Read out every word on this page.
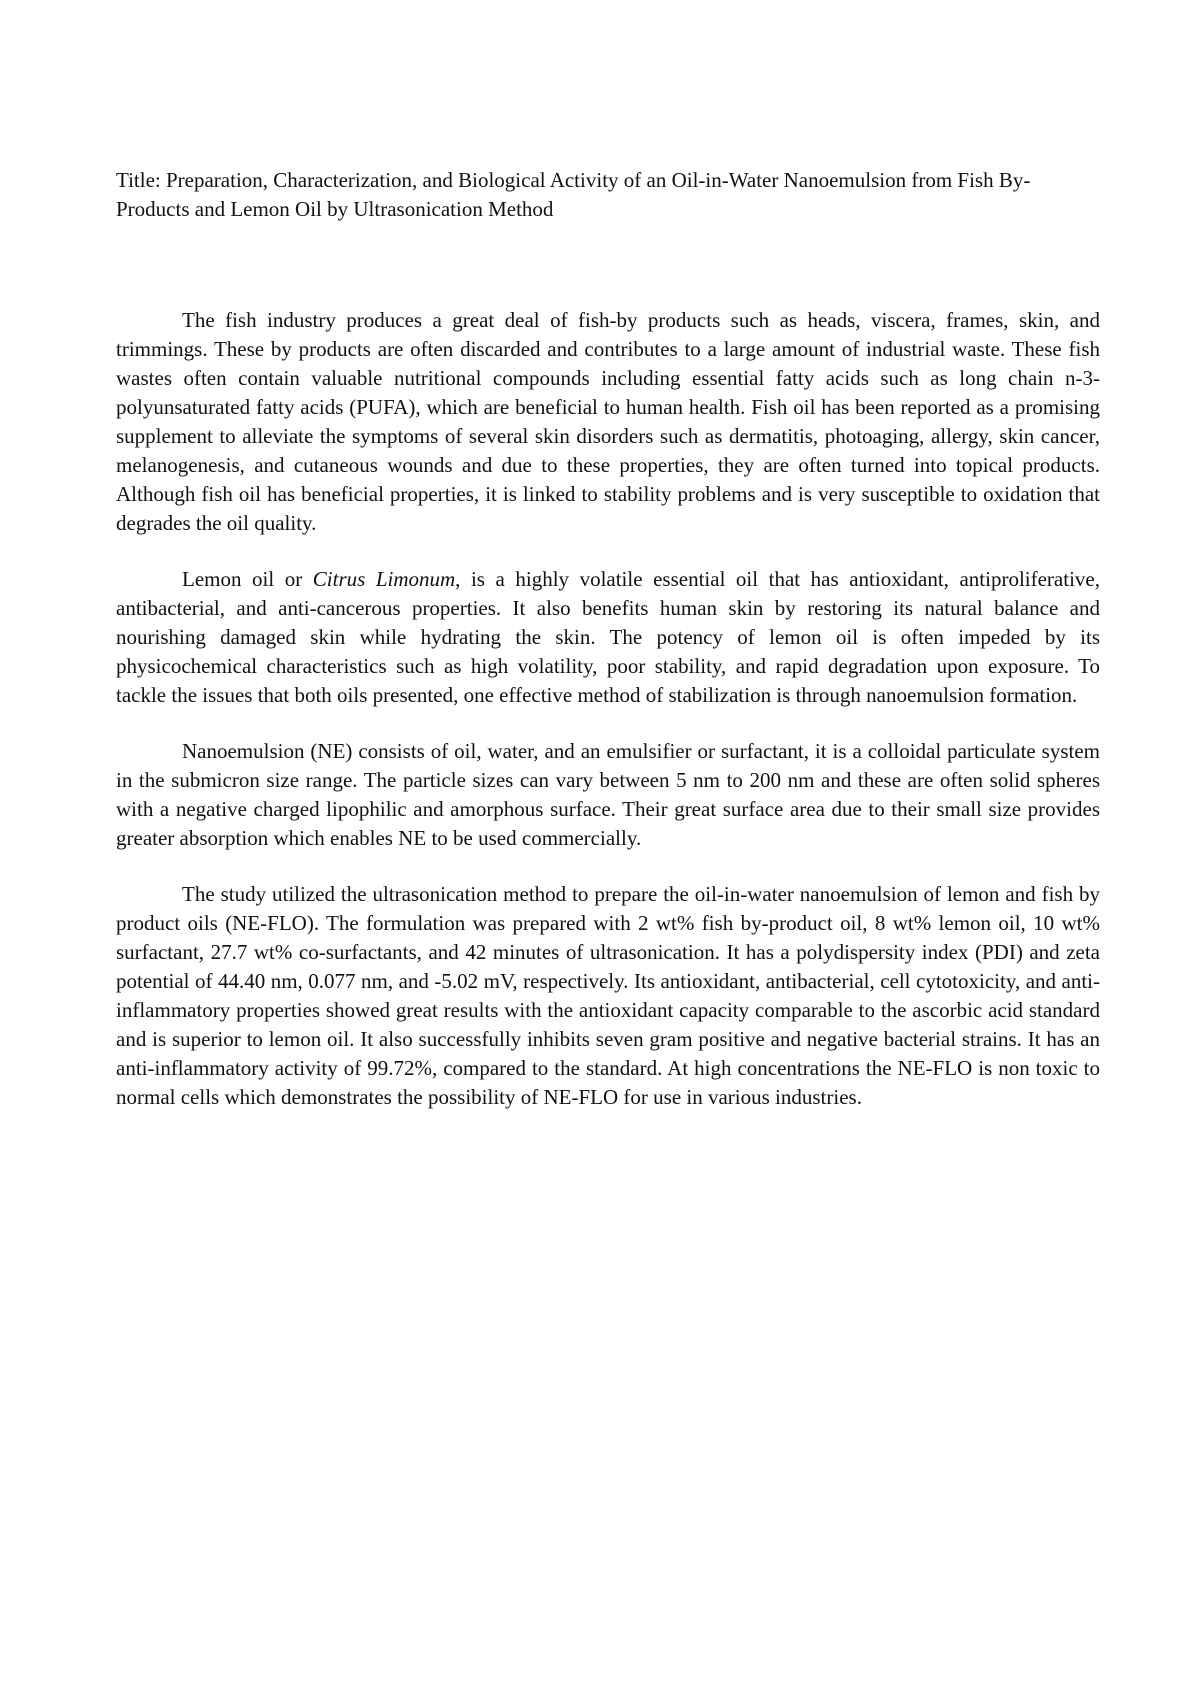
Title: Preparation, Characterization, and Biological Activity of an Oil-in-Water Nanoemulsion from Fish By-Products and Lemon Oil by Ultrasonication Method

The fish industry produces a great deal of fish-by products such as heads, viscera, frames, skin, and trimmings. These by products are often discarded and contributes to a large amount of industrial waste. These fish wastes often contain valuable nutritional compounds including essential fatty acids such as long chain n-3- polyunsaturated fatty acids (PUFA), which are beneficial to human health. Fish oil has been reported as a promising supplement to alleviate the symptoms of several skin disorders such as dermatitis, photoaging, allergy, skin cancer, melanogenesis, and cutaneous wounds and due to these properties, they are often turned into topical products. Although fish oil has beneficial properties, it is linked to stability problems and is very susceptible to oxidation that degrades the oil quality.

Lemon oil or Citrus Limonum, is a highly volatile essential oil that has antioxidant, antiproliferative, antibacterial, and anti-cancerous properties. It also benefits human skin by restoring its natural balance and nourishing damaged skin while hydrating the skin. The potency of lemon oil is often impeded by its physicochemical characteristics such as high volatility, poor stability, and rapid degradation upon exposure. To tackle the issues that both oils presented, one effective method of stabilization is through nanoemulsion formation.

Nanoemulsion (NE) consists of oil, water, and an emulsifier or surfactant, it is a colloidal particulate system in the submicron size range. The particle sizes can vary between 5 nm to 200 nm and these are often solid spheres with a negative charged lipophilic and amorphous surface. Their great surface area due to their small size provides greater absorption which enables NE to be used commercially.

The study utilized the ultrasonication method to prepare the oil-in-water nanoemulsion of lemon and fish by product oils (NE-FLO). The formulation was prepared with 2 wt% fish by-product oil, 8 wt% lemon oil, 10 wt% surfactant, 27.7 wt% co-surfactants, and 42 minutes of ultrasonication. It has a polydispersity index (PDI) and zeta potential of 44.40 nm, 0.077 nm, and -5.02 mV, respectively. Its antioxidant, antibacterial, cell cytotoxicity, and anti-inflammatory properties showed great results with the antioxidant capacity comparable to the ascorbic acid standard and is superior to lemon oil. It also successfully inhibits seven gram positive and negative bacterial strains. It has an anti-inflammatory activity of 99.72%, compared to the standard. At high concentrations the NE-FLO is non toxic to normal cells which demonstrates the possibility of NE-FLO for use in various industries.
